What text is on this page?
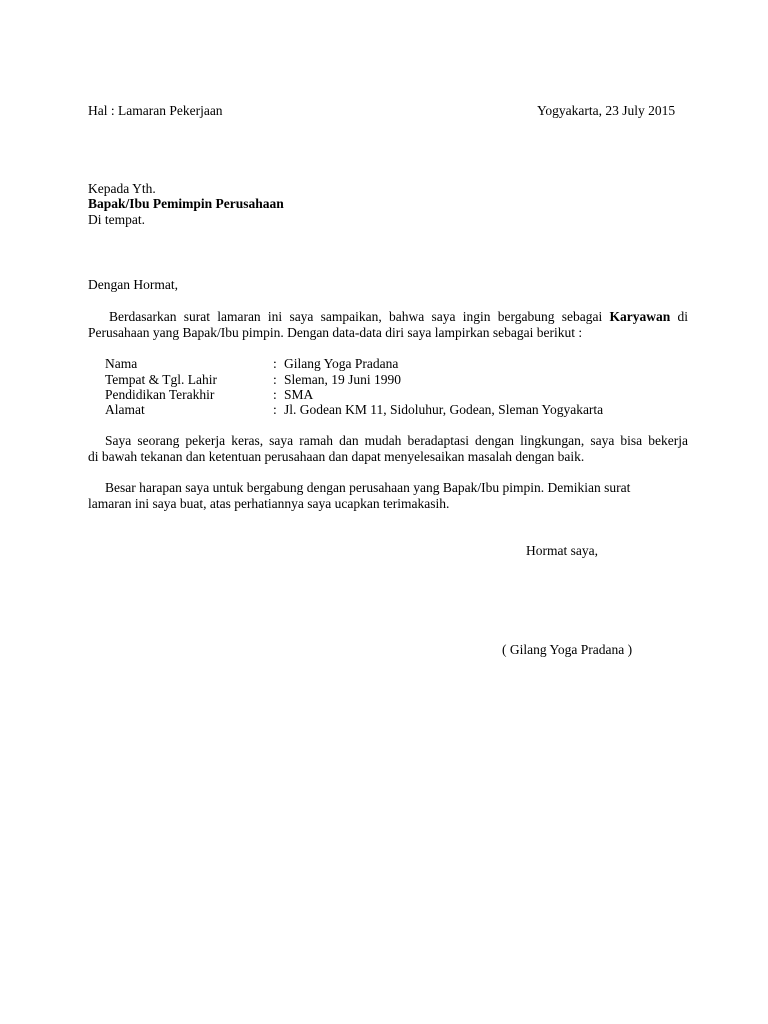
Hal : Lamaran Pekerjaan	Yogyakarta, 23 July 2015
Kepada Yth.
Bapak/Ibu Pemimpin Perusahaan
Di tempat.
Dengan Hormat,
Berdasarkan surat lamaran ini saya sampaikan, bahwa saya ingin bergabung sebagai Karyawan di
Perusahaan yang Bapak/Ibu pimpin. Dengan data-data diri saya lampirkan sebagai berikut :
Nama	: Gilang Yoga Pradana
Tempat & Tgl. Lahir	: Sleman, 19 Juni 1990
Pendidikan Terakhir	: SMA
Alamat	: Jl. Godean KM 11, Sidoluhur, Godean, Sleman Yogyakarta
Saya seorang pekerja keras, saya ramah dan mudah beradaptasi dengan lingkungan, saya bisa bekerja
di bawah tekanan dan ketentuan perusahaan dan dapat menyelesaikan masalah dengan baik.
Besar harapan saya untuk bergabung dengan perusahaan yang Bapak/Ibu pimpin. Demikian surat
lamaran ini saya buat, atas perhatiannya saya ucapkan terimakasih.
Hormat saya,
( Gilang Yoga Pradana )
